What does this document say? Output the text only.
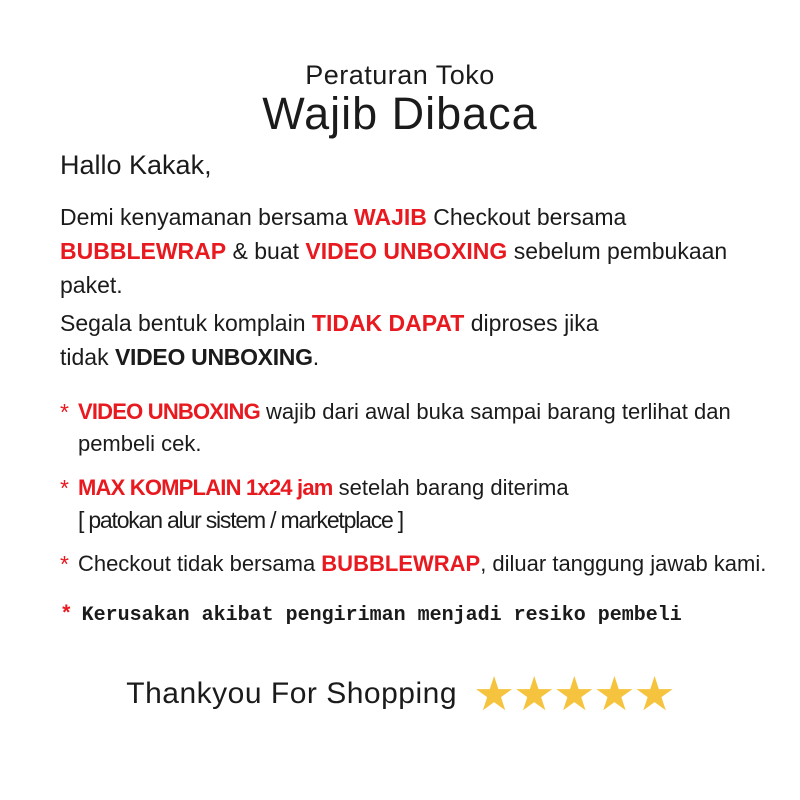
Peraturan Toko
Wajib Dibaca
Hallo Kakak,
Demi kenyamanan bersama WAJIB Checkout bersama
BUBBLEWRAP & buat VIDEO UNBOXING sebelum pembukaan
paket.
Segala bentuk komplain TIDAK DAPAT diproses jika
tidak VIDEO UNBOXING.
* VIDEO UNBOXING wajib dari awal buka sampai barang terlihat dan
pembeli cek.
* MAX KOMPLAIN 1x24 jam setelah barang diterima
[ patokan alur sistem / marketplace ]
* Checkout tidak bersama BUBBLEWRAP, diluar tanggung jawab kami.
* Kerusakan akibat pengiriman menjadi resiko pembeli
Thankyou For Shopping ★★★★★
